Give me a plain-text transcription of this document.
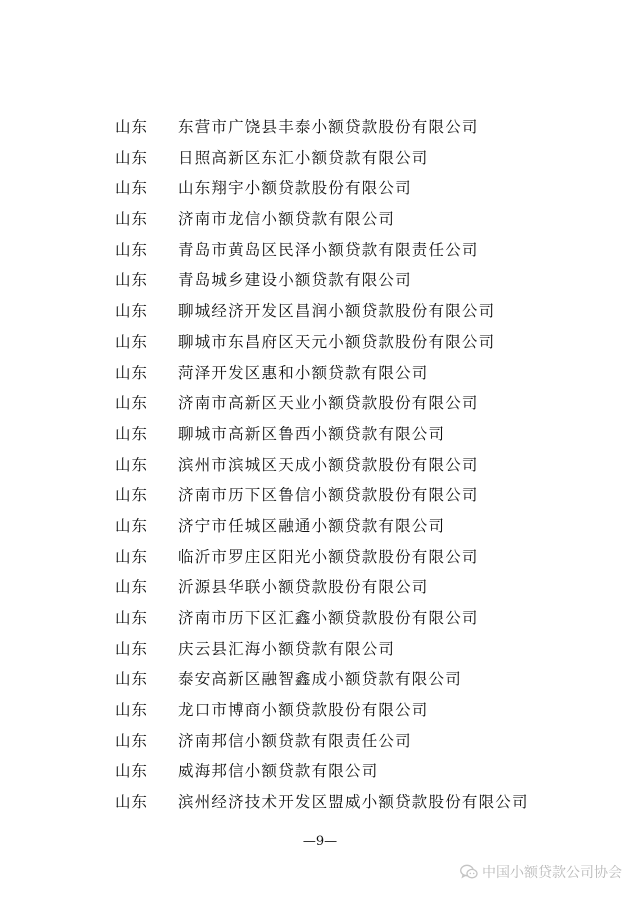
山东 东营市广饶县丰泰小额贷款股份有限公司
山东 日照高新区东汇小额贷款有限公司
山东 山东翔宇小额贷款股份有限公司
山东 济南市龙信小额贷款有限公司
山东 青岛市黄岛区民泽小额贷款有限责任公司
山东 青岛城乡建设小额贷款有限公司
山东 聊城经济开发区昌润小额贷款股份有限公司
山东 聊城市东昌府区天元小额贷款股份有限公司
山东 菏泽开发区惠和小额贷款有限公司
山东 济南市高新区天业小额贷款股份有限公司
山东 聊城市高新区鲁西小额贷款有限公司
山东 滨州市滨城区天成小额贷款股份有限公司
山东 济南市历下区鲁信小额贷款股份有限公司
山东 济宁市任城区融通小额贷款有限公司
山东 临沂市罗庄区阳光小额贷款股份有限公司
山东 沂源县华联小额贷款股份有限公司
山东 济南市历下区汇鑫小额贷款股份有限公司
山东 庆云县汇海小额贷款有限公司
山东 泰安高新区融智鑫成小额贷款有限公司
山东 龙口市博商小额贷款股份有限公司
山东 济南邦信小额贷款有限责任公司
山东 威海邦信小额贷款有限公司
山东 滨州经济技术开发区盟威小额贷款股份有限公司
—9—
中国小额贷款公司协会
